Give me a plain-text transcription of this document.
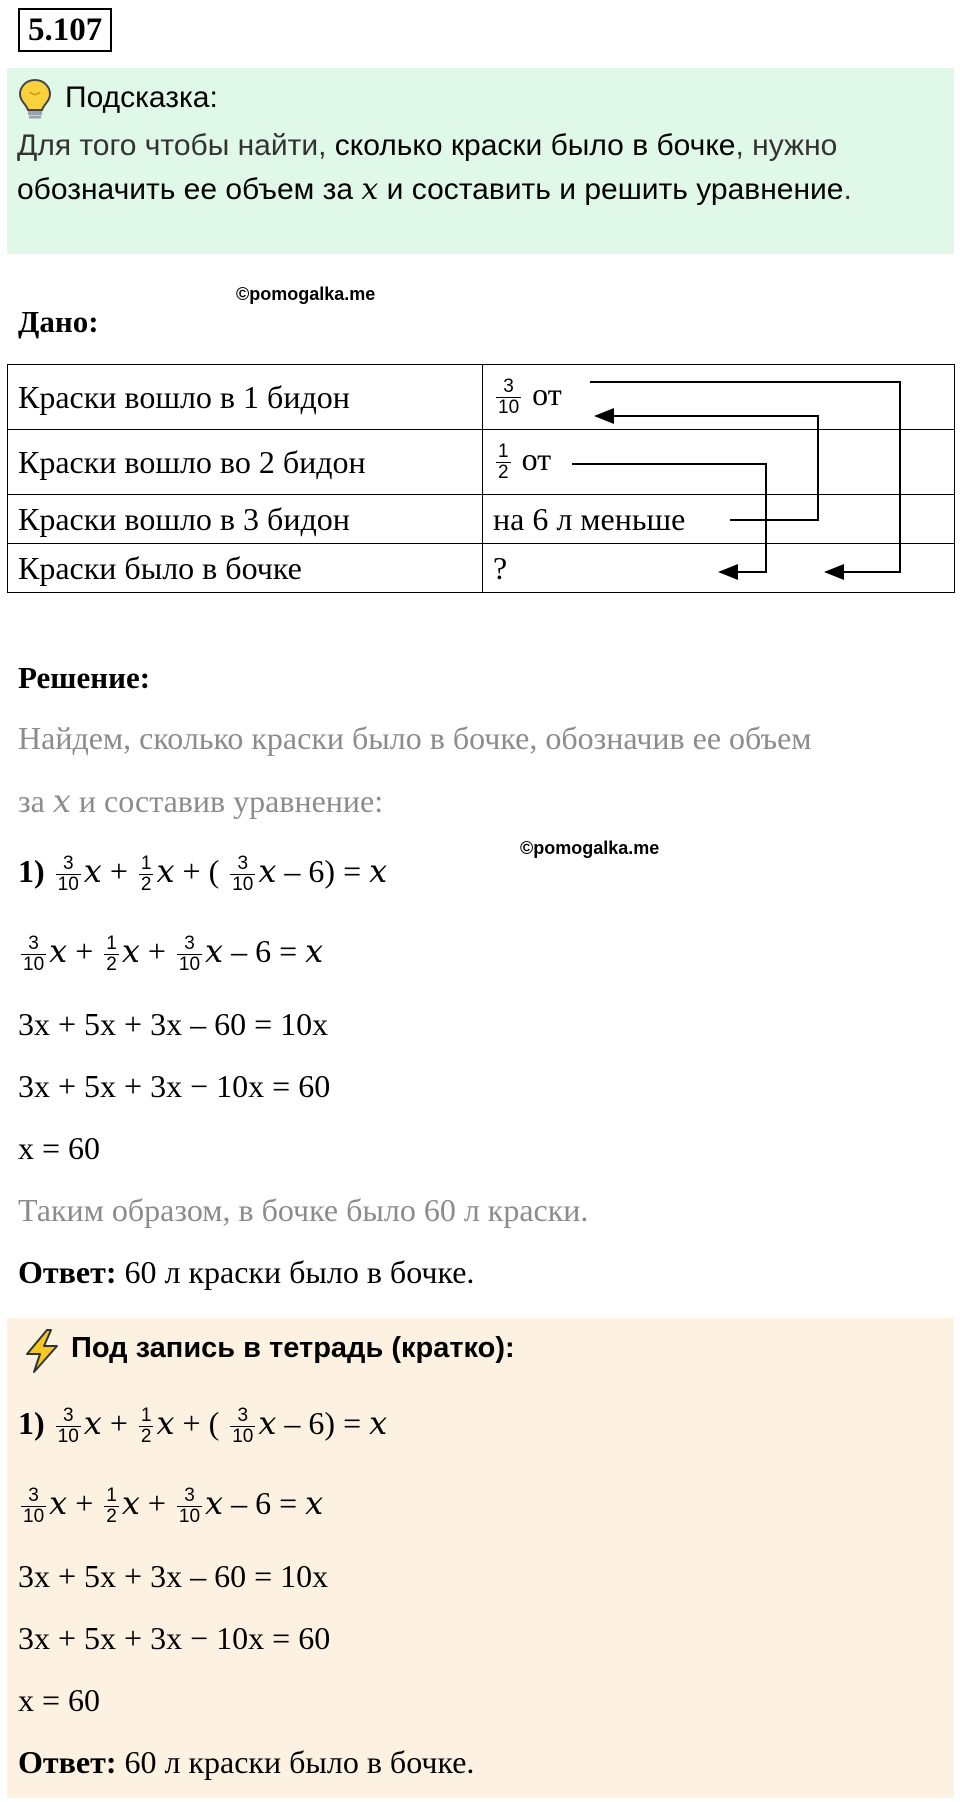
5.107
Подсказка:
Для того чтобы найти, сколько краски было в бочке, нужно
обозначить ее объем за x и составить и решить уравнение.
©pomogalka.me
Дано:
Краски вошло в 1 бидон	$\frac{3}{10}$ от
Краски вошло во 2 бидон	$\frac{1}{2}$ от
Краски вошло в 3 бидон	на 6 л меньше
Краски было в бочке	?
Решение:
Найдем, сколько краски было в бочке, обозначив ее объем
за x и составив уравнение:
©pomogalka.me
$1) \frac{3}{10}$ $x + \frac{1}{2}$ x + ( $\frac{3}{10}$ x – 6) = x
$\frac{3}{10}$ $x + \frac{1}{2}$ $x + \frac{3}{10}$ x – 6 = x
3x + 5x + 3x – 60 = 10x
3x + 5x + 3x − 10x = 60
x = 60
Таким образом, в бочке было 60 л краски.
Ответ: 60 л краски было в бочке.
Под запись в тетрадь (кратко):
$1) \frac{3}{10}$ $x + \frac{1}{2}$ x + ( $\frac{3}{10}$ x – 6) = x
$\frac{3}{10}$ $x + \frac{1}{2}$ $x + \frac{3}{10}$ x – 6 = x
3x + 5x + 3x – 60 = 10x
3x + 5x + 3x − 10x = 60
x = 60
Ответ: 60 л краски было в бочке.
